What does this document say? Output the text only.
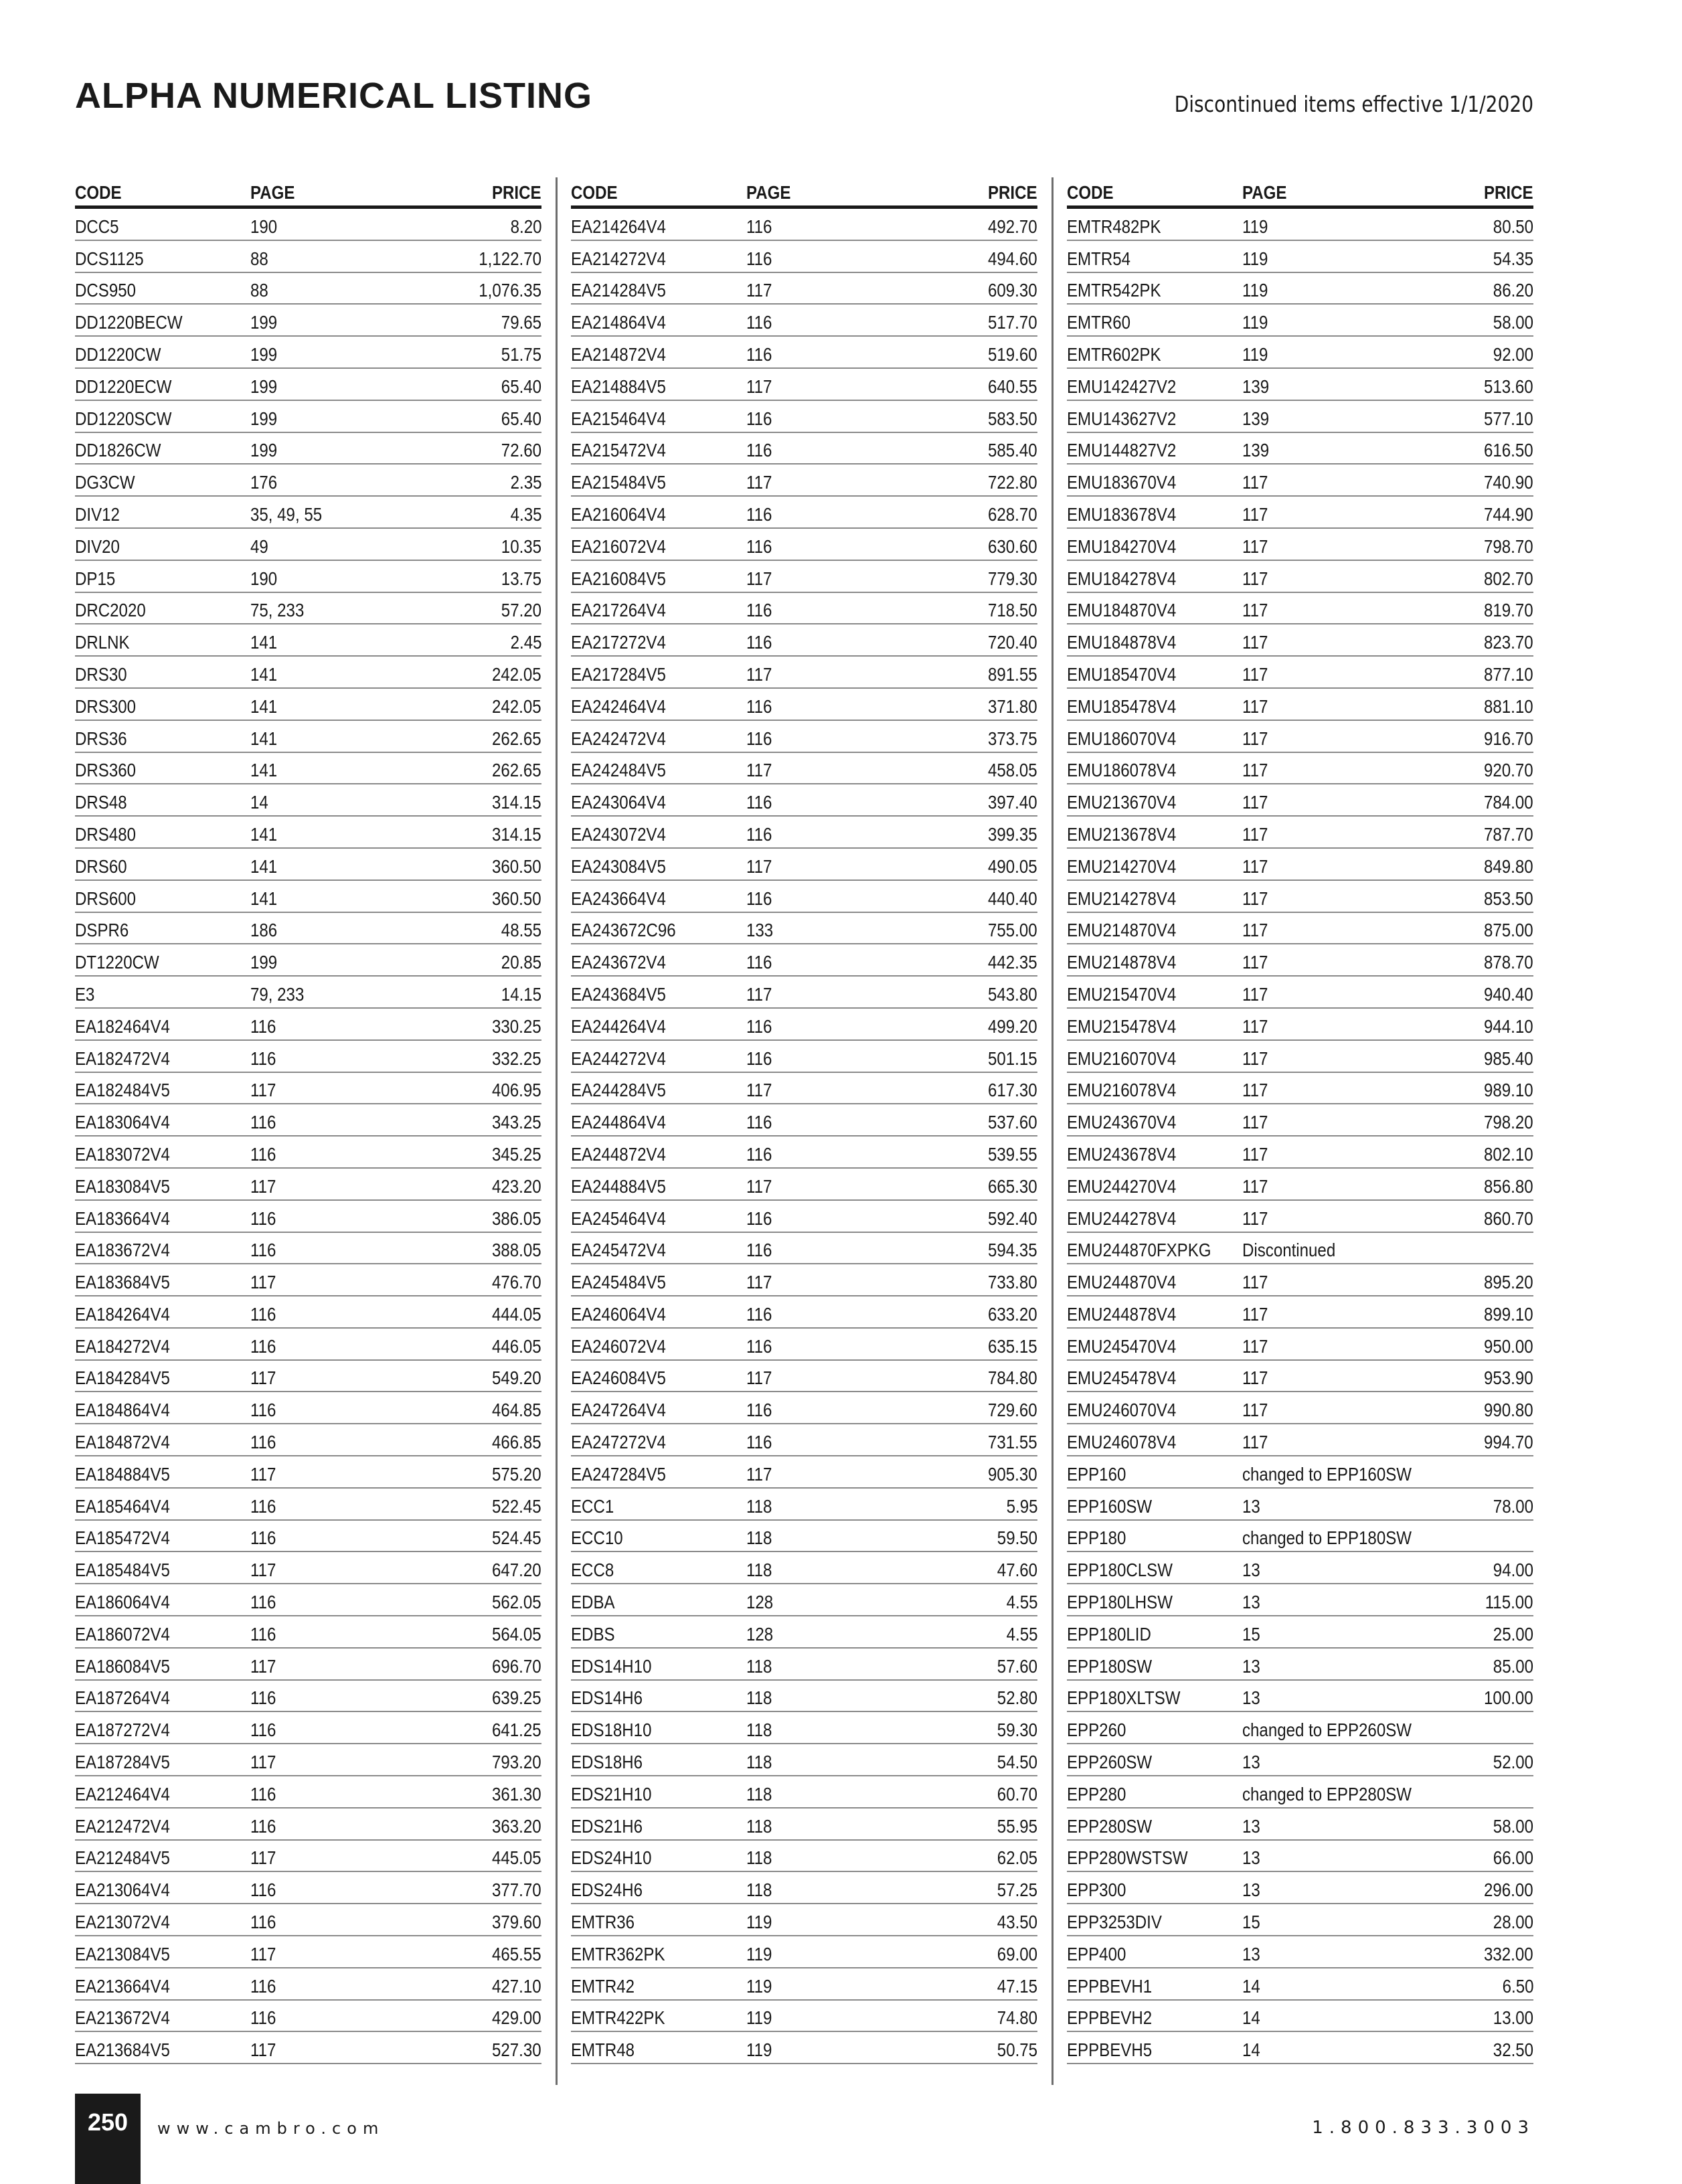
ALPHA NUMERICAL LISTING	Discontinued items effective 1/1/2020
CODE	PAGE	PRICE
DCC5	190	8.20
DCS1125	88	1,122.70
DCS950	88	1,076.35
DD1220BECW	199	79.65
DD1220CW	199	51.75
DD1220ECW	199	65.40
DD1220SCW	199	65.40
DD1826CW	199	72.60
DG3CW	176	2.35
DIV12	35, 49, 55	4.35
DIV20	49	10.35
DP15	190	13.75
DRC2020	75, 233	57.20
DRLNK	141	2.45
DRS30	141	242.05
DRS300	141	242.05
DRS36	141	262.65
DRS360	141	262.65
DRS48	14	314.15
DRS480	141	314.15
DRS60	141	360.50
DRS600	141	360.50
DSPR6	186	48.55
DT1220CW	199	20.85
E3	79, 233	14.15
EA182464V4	116	330.25
EA182472V4	116	332.25
EA182484V5	117	406.95
EA183064V4	116	343.25
EA183072V4	116	345.25
EA183084V5	117	423.20
EA183664V4	116	386.05
EA183672V4	116	388.05
EA183684V5	117	476.70
EA184264V4	116	444.05
EA184272V4	116	446.05
EA184284V5	117	549.20
EA184864V4	116	464.85
EA184872V4	116	466.85
EA184884V5	117	575.20
EA185464V4	116	522.45
EA185472V4	116	524.45
EA185484V5	117	647.20
EA186064V4	116	562.05
EA186072V4	116	564.05
EA186084V5	117	696.70
EA187264V4	116	639.25
EA187272V4	116	641.25
EA187284V5	117	793.20
EA212464V4	116	361.30
EA212472V4	116	363.20
EA212484V5	117	445.05
EA213064V4	116	377.70
EA213072V4	116	379.60
EA213084V5	117	465.55
EA213664V4	116	427.10
EA213672V4	116	429.00
EA213684V5	117	527.30
CODE	PAGE	PRICE
EA214264V4	116	492.70
EA214272V4	116	494.60
EA214284V5	117	609.30
EA214864V4	116	517.70
EA214872V4	116	519.60
EA214884V5	117	640.55
EA215464V4	116	583.50
EA215472V4	116	585.40
EA215484V5	117	722.80
EA216064V4	116	628.70
EA216072V4	116	630.60
EA216084V5	117	779.30
EA217264V4	116	718.50
EA217272V4	116	720.40
EA217284V5	117	891.55
EA242464V4	116	371.80
EA242472V4	116	373.75
EA242484V5	117	458.05
EA243064V4	116	397.40
EA243072V4	116	399.35
EA243084V5	117	490.05
EA243664V4	116	440.40
EA243672C96	133	755.00
EA243672V4	116	442.35
EA243684V5	117	543.80
EA244264V4	116	499.20
EA244272V4	116	501.15
EA244284V5	117	617.30
EA244864V4	116	537.60
EA244872V4	116	539.55
EA244884V5	117	665.30
EA245464V4	116	592.40
EA245472V4	116	594.35
EA245484V5	117	733.80
EA246064V4	116	633.20
EA246072V4	116	635.15
EA246084V5	117	784.80
EA247264V4	116	729.60
EA247272V4	116	731.55
EA247284V5	117	905.30
ECC1	118	5.95
ECC10	118	59.50
ECC8	118	47.60
EDBA	128	4.55
EDBS	128	4.55
EDS14H10	118	57.60
EDS14H6	118	52.80
EDS18H10	118	59.30
EDS18H6	118	54.50
EDS21H10	118	60.70
EDS21H6	118	55.95
EDS24H10	118	62.05
EDS24H6	118	57.25
EMTR36	119	43.50
EMTR362PK	119	69.00
EMTR42	119	47.15
EMTR422PK	119	74.80
EMTR48	119	50.75
CODE	PAGE	PRICE
EMTR482PK	119	80.50
EMTR54	119	54.35
EMTR542PK	119	86.20
EMTR60	119	58.00
EMTR602PK	119	92.00
EMU142427V2	139	513.60
EMU143627V2	139	577.10
EMU144827V2	139	616.50
EMU183670V4	117	740.90
EMU183678V4	117	744.90
EMU184270V4	117	798.70
EMU184278V4	117	802.70
EMU184870V4	117	819.70
EMU184878V4	117	823.70
EMU185470V4	117	877.10
EMU185478V4	117	881.10
EMU186070V4	117	916.70
EMU186078V4	117	920.70
EMU213670V4	117	784.00
EMU213678V4	117	787.70
EMU214270V4	117	849.80
EMU214278V4	117	853.50
EMU214870V4	117	875.00
EMU214878V4	117	878.70
EMU215470V4	117	940.40
EMU215478V4	117	944.10
EMU216070V4	117	985.40
EMU216078V4	117	989.10
EMU243670V4	117	798.20
EMU243678V4	117	802.10
EMU244270V4	117	856.80
EMU244278V4	117	860.70
EMU244870FXPKG Discontinued
EMU244870V4	117	895.20
EMU244878V4	117	899.10
EMU245470V4	117	950.00
EMU245478V4	117	953.90
EMU246070V4	117	990.80
EMU246078V4	117	994.70
EPP160	changed to EPP160SW
EPP160SW	13	78.00
EPP180	changed to EPP180SW
EPP180CLSW	13	94.00
EPP180LHSW	13	115.00
EPP180LID	15	25.00
EPP180SW	13	85.00
EPP180XLTSW	13	100.00
EPP260	changed to EPP260SW
EPP260SW	13	52.00
EPP280	changed to EPP280SW
EPP280SW	13	58.00
EPP280WSTSW	13	66.00
EPP300	13	296.00
EPP3253DIV	15	28.00
EPP400	13	332.00
EPPBEVH1	14	6.50
EPPBEVH2	14	13.00
EPPBEVH5	14	32.50
250	www.cambro.com	1.800.833.3003
